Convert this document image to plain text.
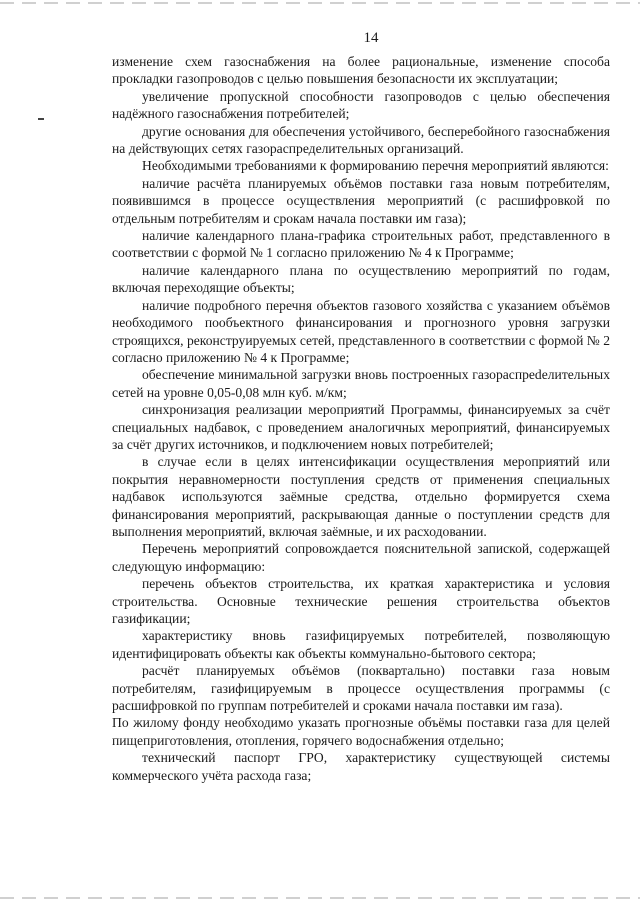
14

изменение схем газоснабжения на более рациональные, изменение способа прокладки газопроводов с целью повышения безопасности их эксплуатации;

увеличение пропускной способности газопроводов с целью обеспечения надёжного газоснабжения потребителей;

другие основания для обеспечения устойчивого, бесперебойного газоснабжения на действующих сетях газораспределительных организаций.

Необходимыми требованиями к формированию перечня мероприятий являются:

наличие расчёта планируемых объёмов поставки газа новым потребителям, появившимся в процессе осуществления мероприятий (с расшифровкой по отдельным потребителям и срокам начала поставки им газа);

наличие календарного плана-графика строительных работ, представленного в соответствии с формой № 1 согласно приложению № 4 к Программе;

наличие календарного плана по осуществлению мероприятий по годам, включая переходящие объекты;

наличие подробного перечня объектов газового хозяйства с указанием объёмов необходимого пообъектного финансирования и прогнозного уровня загрузки строящихся, реконструируемых сетей, представленного в соответствии с формой № 2 согласно приложению № 4 к Программе;

обеспечение минимальной загрузки вновь построенных газораспреdелительных сетей на уровне 0,05-0,08 млн куб. м/км;

синхронизация реализации мероприятий Программы, финансируемых за счёт специальных надбавок, с проведением аналогичных мероприятий, финансируемых за счёт других источников, и подключением новых потребителей;

в случае если в целях интенсификации осуществления мероприятий или покрытия неравномерности поступления средств от применения специальных надбавок используются заёмные средства, отдельно формируется схема финансирования мероприятий, раскрывающая данные о поступлении средств для выполнения мероприятий, включая заёмные, и их расходовании.

Перечень мероприятий сопровождается пояснительной запиской, содержащей следующую информацию:

перечень объектов строительства, их краткая характеристика и условия строительства. Основные технические решения строительства объектов газификации;

характеристику вновь газифицируемых потребителей, позволяющую идентифицировать объекты как объекты коммунально-бытового сектора;

расчёт планируемых объёмов (поквартально) поставки газа новым потребителям, газифицируемым в процессе осуществления программы (с расшифровкой по группам потребителей и сроками начала поставки им газа).

По жилому фонду необходимо указать прогнозные объёмы поставки газа для целей пищеприготовления, отопления, горячего водоснабжения отдельно;

технический паспорт ГРО, характеристику существующей системы коммерческого учёта расхода газа;
